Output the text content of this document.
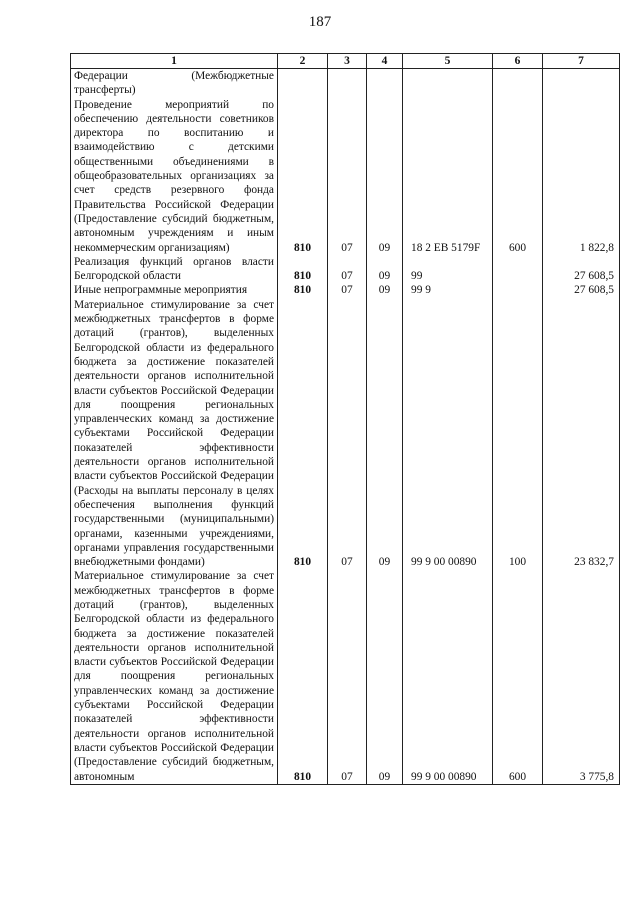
187
1	2	3	4	5	6	7
Федерации (Межбюджетные трансферты)						
Проведение мероприятий по обеспечению деятельности советников директора по воспитанию и взаимодействию с детскими общественными объединениями в общеобразовательных организациях за счет средств резервного фонда Правительства Российской Федерации (Предоставление субсидий бюджетным, автономным учреждениям и иным некоммерческим организациям)	810	07	09	18 2 EB 5179F	600	1 822,8
Реализация функций органов власти Белгородской области	810	07	09	99		27 608,5
Иные непрограммные мероприятия	810	07	09	99 9		27 608,5
Материальное стимулирование за счет межбюджетных трансфертов в форме дотаций (грантов), выделенных Белгородской области из федерального бюджета за достижение показателей деятельности органов исполнительной власти субъектов Российской Федерации для поощрения региональных управленческих команд за достижение субъектами Российской Федерации показателей эффективности деятельности органов исполнительной власти субъектов Российской Федерации (Расходы на выплаты персоналу в целях обеспечения выполнения функций государственными (муниципальными) органами, казенными учреждениями, органами управления государственными внебюджетными фондами)	810	07	09	99 9 00 00890	100	23 832,7
Материальное стимулирование за счет межбюджетных трансфертов в форме дотаций (грантов), выделенных Белгородской области из федерального бюджета за достижение показателей деятельности органов исполнительной власти субъектов Российской Федерации для поощрения региональных управленческих команд за достижение субъектами Российской Федерации показателей эффективности деятельности органов исполнительной власти субъектов Российской Федерации (Предоставление субсидий бюджетным, автономным	810	07	09	99 9 00 00890	600	3 775,8
